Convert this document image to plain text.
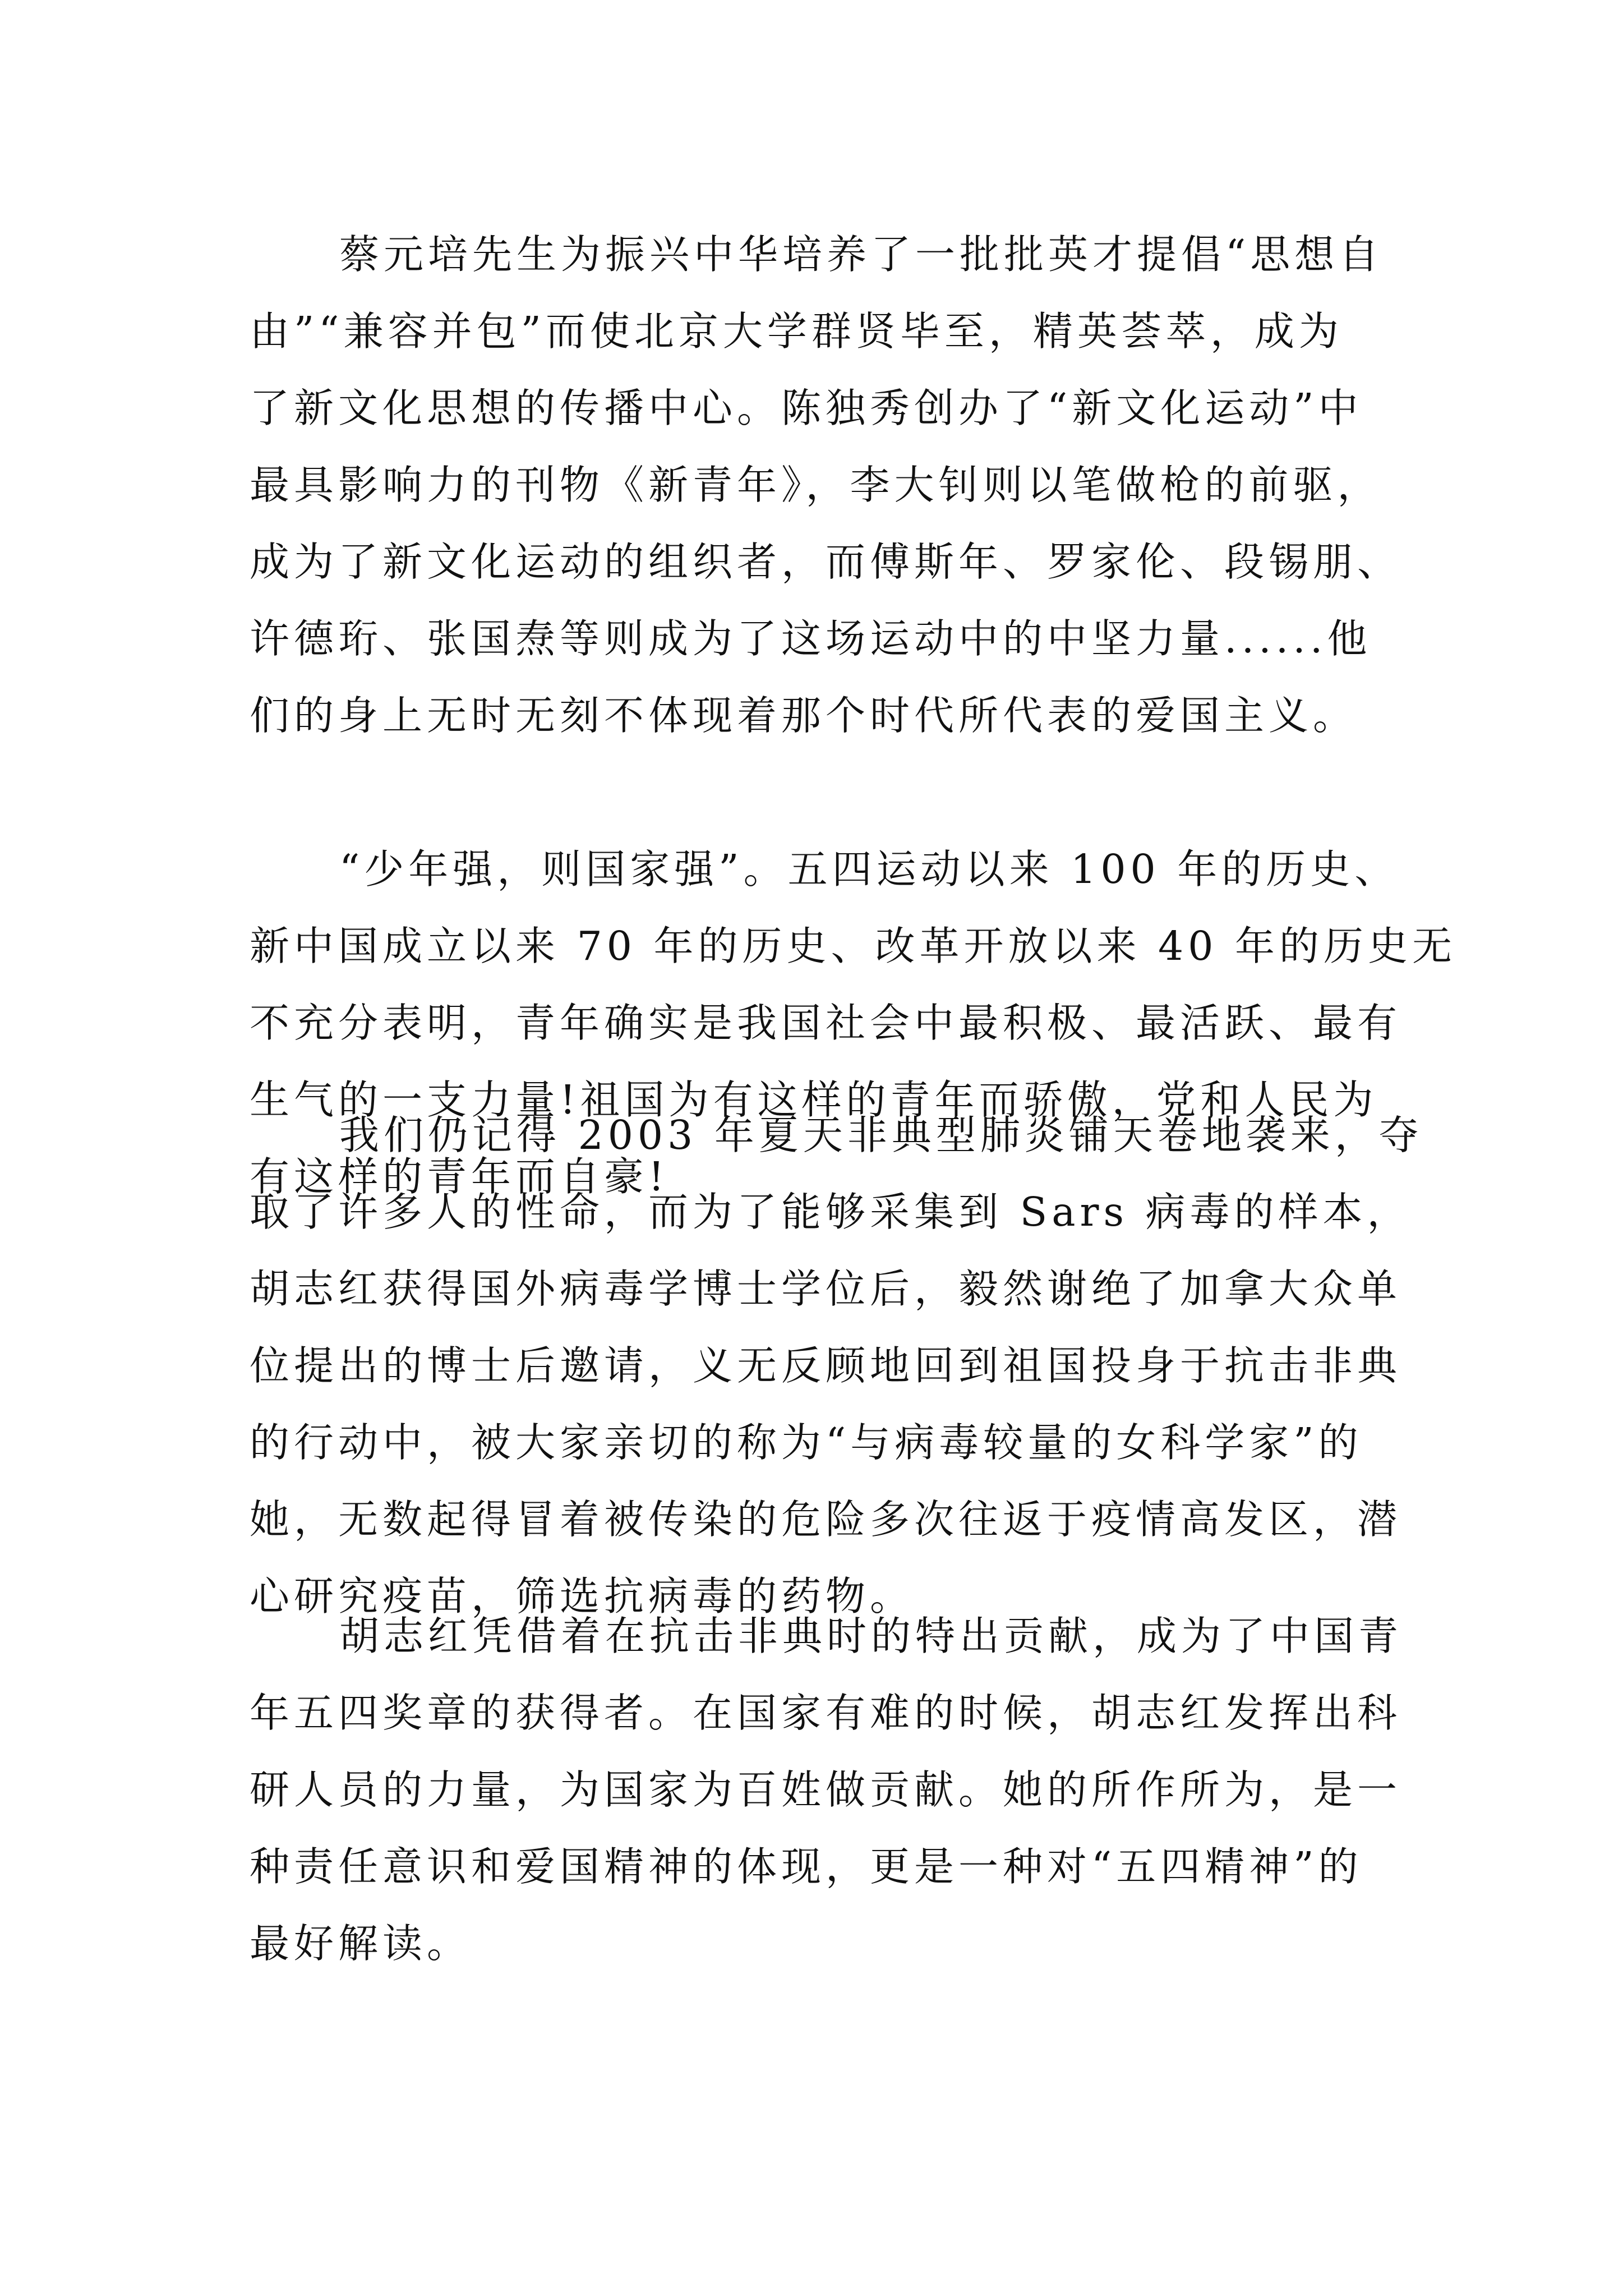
蔡元培先生为振兴中华培养了一批批英才提倡“思想自
由”“兼容并包”而使北京大学群贤毕至，精英荟萃，成为
了新文化思想的传播中心。陈独秀创办了“新文化运动”中
最具影响力的刊物《新青年》，李大钊则以笔做枪的前驱，
成为了新文化运动的组织者，而傅斯年、罗家伦、段锡朋、
许德珩、张国焘等则成为了这场运动中的中坚力量......他
们的身上无时无刻不体现着那个时代所代表的爱国主义。
“少年强，则国家强”。五四运动以来 100 年的历史、
新中国成立以来 70 年的历史、改革开放以来 40 年的历史无
不充分表明，青年确实是我国社会中最积极、最活跃、最有
生气的一支力量!祖国为有这样的青年而骄傲，党和人民为
有这样的青年而自豪!
我们仍记得 2003 年夏天非典型肺炎铺天卷地袭来，夺
取了许多人的性命，而为了能够采集到 Sars 病毒的样本，
胡志红获得国外病毒学博士学位后，毅然谢绝了加拿大众单
位提出的博士后邀请，义无反顾地回到祖国投身于抗击非典
的行动中，被大家亲切的称为“与病毒较量的女科学家”的
她，无数起得冒着被传染的危险多次往返于疫情高发区，潜
心研究疫苗，筛选抗病毒的药物。
胡志红凭借着在抗击非典时的特出贡献，成为了中国青
年五四奖章的获得者。在国家有难的时候，胡志红发挥出科
研人员的力量，为国家为百姓做贡献。她的所作所为，是一
种责任意识和爱国精神的体现，更是一种对“五四精神”的
最好解读。
